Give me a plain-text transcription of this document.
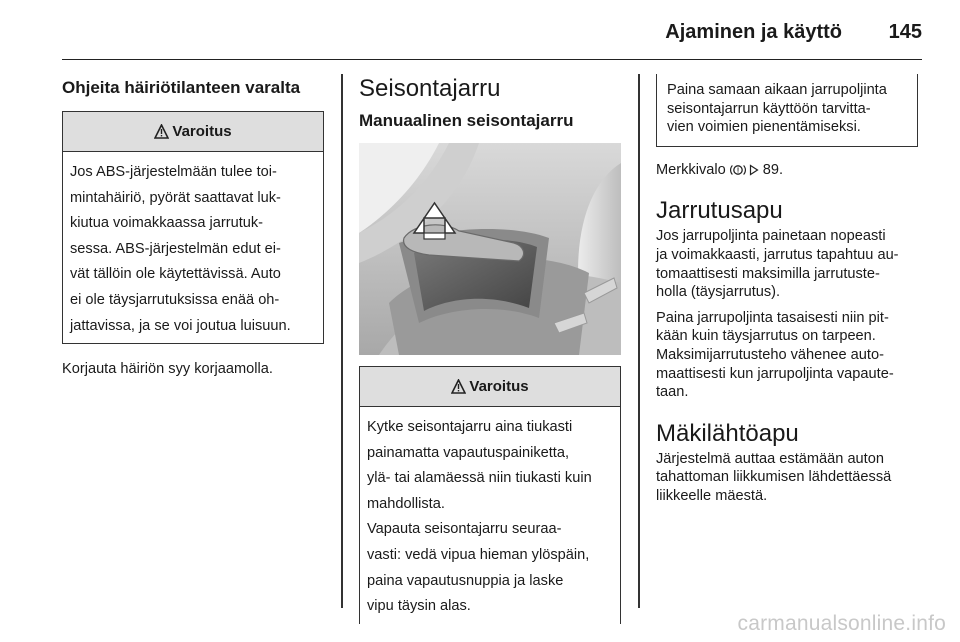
Ajaminen ja käyttö 145
Ohjeita häiriötilanteen varalta
Varoitus
Jos ABS-järjestelmään tulee toi-
mintahäiriö, pyörät saattavat luk-
kiutua voimakkaassa jarrutuk-
sessa. ABS-järjestelmän edut ei-
vät tällöin ole käytettävissä. Auto
ei ole täysjarrutuksissa enää oh-
jattavissa, ja se voi joutua luisuun.
Korjauta häiriön syy korjaamolla.
Seisontajarru
Manuaalinen seisontajarru
Varoitus
Kytke seisontajarru aina tiukasti
painamatta vapautuspainiketta,
ylä- tai alamäessä niin tiukasti kuin
mahdollista.
Vapauta seisontajarru seuraa-
vasti: vedä vipua hieman ylöspäin,
paina vapautusnuppia ja laske
vipu täysin alas.
Paina samaan aikaan jarrupoljinta
seisontajarrun käyttöön tarvitta-
vien voimien pienentämiseksi.
Merkkivalo ! 89.
Jarrutusapu
Jos jarrupoljinta painetaan nopeasti
ja voimakkaasti, jarrutus tapahtuu au-
tomaattisesti maksimilla jarrutuste-
holla (täysjarrutus).
Paina jarrupoljinta tasaisesti niin pit-
kään kuin täysjarrutus on tarpeen.
Maksimijarrutusteho vähenee auto-
maattisesti kun jarrupoljinta vapaute-
taan.
Mäkilähtöapu
Järjestelmä auttaa estämään auton
tahattoman liikkumisen lähdettäessä
liikkeelle mäestä.
carmanualsonline.info
